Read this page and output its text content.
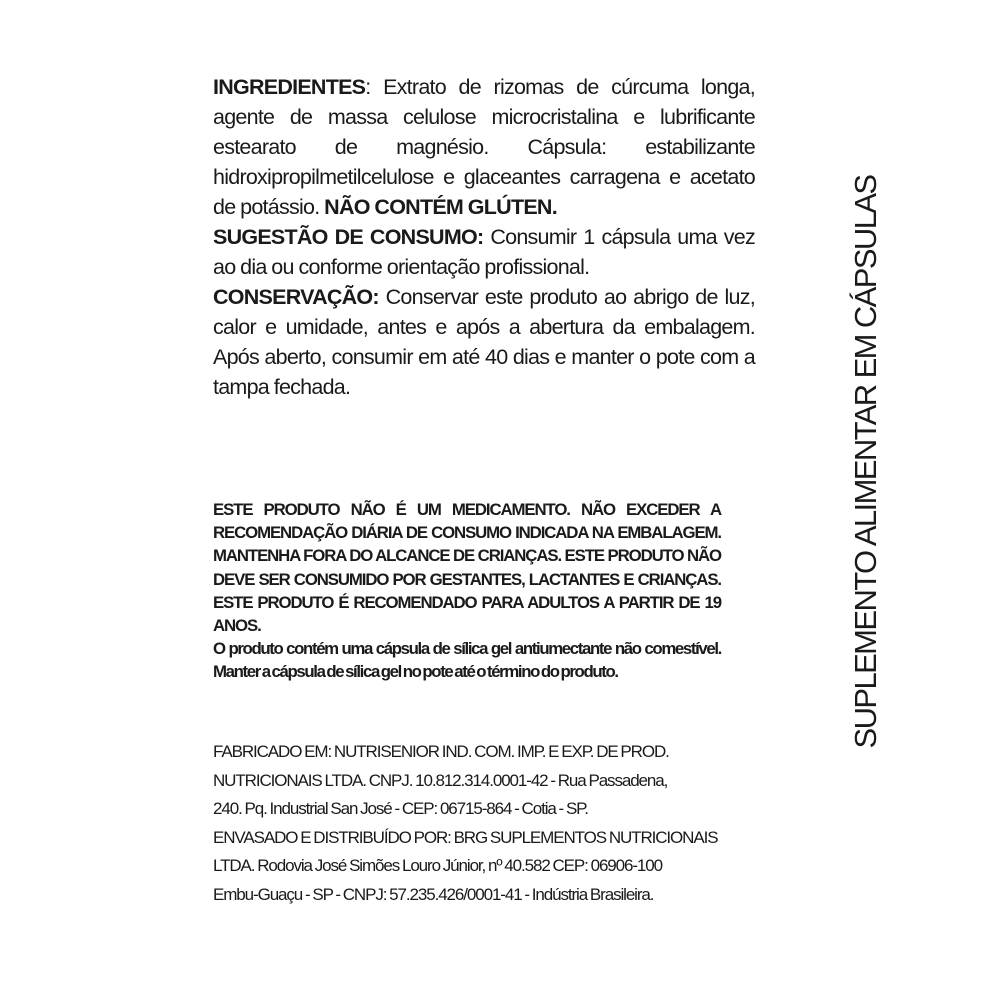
INGREDIENTES: Extrato de rizomas de cúrcuma longa, agente de massa celulose microcristalina e lubrificante estearato de magnésio. Cápsula: estabilizante hidroxipropilmetilcelulose e glaceantes carragena e acetato de potássio. NÃO CONTÉM GLÚTEN.

SUGESTÃO DE CONSUMO: Consumir 1 cápsula uma vez ao dia ou conforme orientação profissional.

CONSERVAÇÃO: Conservar este produto ao abrigo de luz, calor e umidade, antes e após a abertura da embalagem. Após aberto, consumir em até 40 dias e manter o pote com a tampa fechada.

ESTE PRODUTO NÃO É UM MEDICAMENTO. NÃO EXCEDER A RECOMENDAÇÃO DIÁRIA DE CONSUMO INDICADA NA EMBALAGEM. MANTENHA FORA DO ALCANCE DE CRIANÇAS. ESTE PRODUTO NÃO DEVE SER CONSUMIDO POR GESTANTES, LACTANTES E CRIANÇAS. ESTE PRODUTO É RECOMENDADO PARA ADULTOS A PARTIR DE 19 ANOS.

O produto contém uma cápsula de sílica gel antiumectante não comestível. Manter a cápsula de sílica gel no pote até o término do produto.

FABRICADO EM: NUTRISENIOR IND. COM. IMP. E EXP. DE PROD.

NUTRICIONAIS LTDA. CNPJ. 10.812.314.0001-42 - Rua Passadena,

240. Pq. Industrial San José - CEP: 06715-864 - Cotia - SP.

ENVASADO E DISTRIBUÍDO POR: BRG SUPLEMENTOS NUTRICIONAIS

LTDA. Rodovia José Simões Louro Júnior, nº 40.582 CEP: 06906-100

Embu-Guaçu - SP - CNPJ: 57.235.426/0001-41 - Indústria Brasileira.

SUPLEMENTO ALIMENTAR EM CÁPSULAS
